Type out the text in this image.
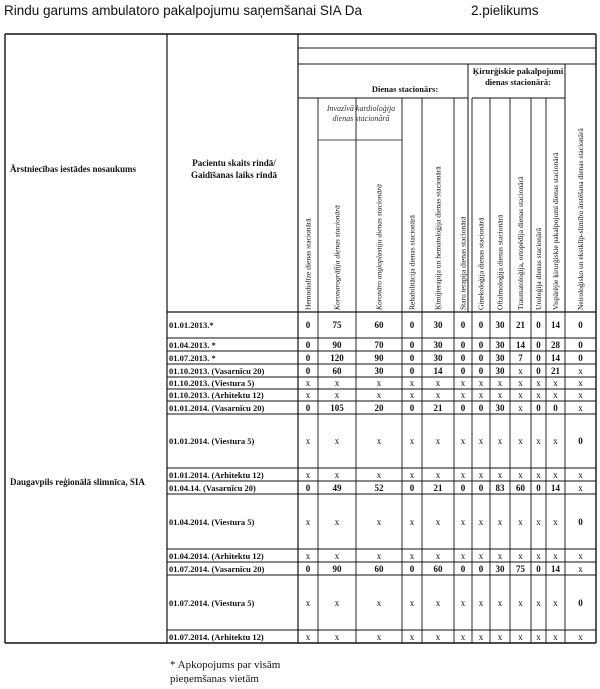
Rindu garums ambulatoro pakalpojumu saņemšanai SIA Da	2.pielikums
Ārstniecības iestādes nosaukums
Pacientu skaits rindā/ Gaidīšanas laiks rindā
Dienas stacionārs:
Ķirurģiskie pakalpojumi dienas stacionārā:
Invazīvā kardioloģija dienas stacionārā
Hemodialīze dienas stacionārā	Koronarogrāfija dienas stacionārā	Koronāro angioplastiju dienas stacionārā	Rehabilitācija dienas stacionārā	Ķīmijterapija un hematoloģija dienas stacionārā	Staru terapija dienas stacionārā	Ginekoloģija dienas stacionārā	Oftalmoloģija dienas stacionārā	Traumatoloģija, ortopēdija dienas stacionārā	Uroloģija dienas stacionārā	Vispārējie ķirurģiskie pakalpojumi dienas stacionārā	Neiroloģisko un ekstklīp-slimību ārstēšana dienas stacionārā
Daugavpils reģionālā slimnīca, SIA
01.01.2013.*	0	75	60	0	30	0	0	30	21	0	14	0
01.04.2013. *	0	90	70	0	30	0	0	30	14	0	28	0
01.07.2013. *	0	120	90	0	30	0	0	30	7	0	14	0
01.10.2013. (Vasarnīcu 20)	0	60	30	0	14	0	0	30	x	0	21	x
01.10.2013. (Viestura 5)	x	x	x	x	x	x	x	x	x	x	x	x
01.10.2013. (Arhitektu 12)	x	x	x	x	x	x	x	x	x	x	x	x
01.01.2014. (Vasarnīcu 20)	0	105	20	0	21	0	0	30	x	0	0	x
01.01.2014. (Viestura 5)	x	x	x	x	x	x	x	x	x	x	x	0
01.01.2014. (Arhitektu 12)	x	x	x	x	x	x	x	x	x	x	x	x
01.04.14. (Vasarnīcu 20)	0	49	52	0	21	0	0	83	60	0	14	x
01.04.2014. (Viestura 5)	x	x	x	x	x	x	x	x	x	x	x	0
01.04.2014. (Arhitektu 12)	x	x	x	x	x	x	x	x	x	x	x	x
01.07.2014. (Vasarnīcu 20)	0	90	60	0	60	0	0	30	75	0	14	x
01.07.2014. (Viestura 5)	x	x	x	x	x	x	x	x	x	x	x	0
01.07.2014. (Arhitektu 12)	x	x	x	x	x	x	x	x	x	x	x	x
* Apkopojums par visām pieņemšanas vietām
